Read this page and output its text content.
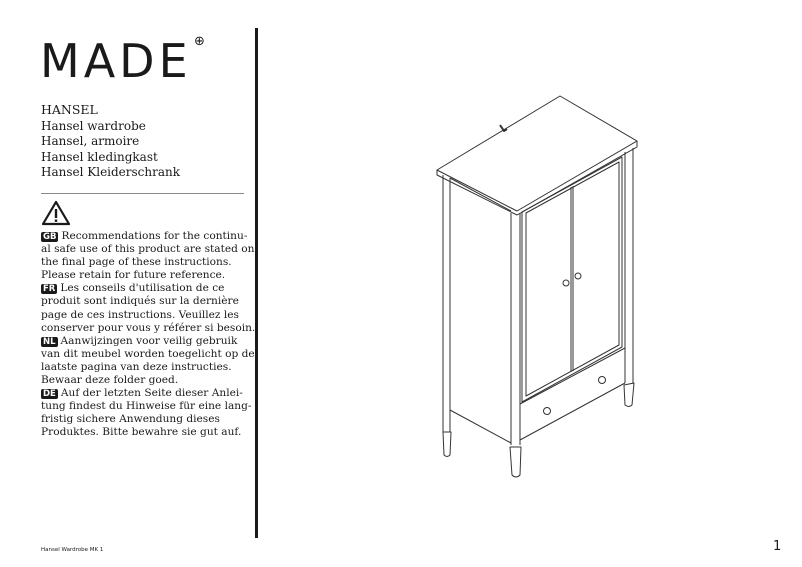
MADE ⊕
HANSEL
Hansel wardrobe
Hansel, armoire
Hansel kledingkast
Hansel Kleiderschrank
GB Recommendations for the continu-
al safe use of this product are stated on
the final page of these instructions.
Please retain for future reference.
FR Les conseils d'utilisation de ce
produit sont indiqués sur la dernière
page de ces instructions. Veuillez les
conserver pour vous y référer si besoin.
NL Aanwijzingen voor veilig gebruik
van dit meubel worden toegelicht op de
laatste pagina van deze instructies.
Bewaar deze folder goed.
DE Auf der letzten Seite dieser Anlei-
tung findest du Hinweise für eine lang-
fristig sichere Anwendung dieses
Produktes. Bitte bewahre sie gut auf.
Hansel Wardrobe MK 1	1
